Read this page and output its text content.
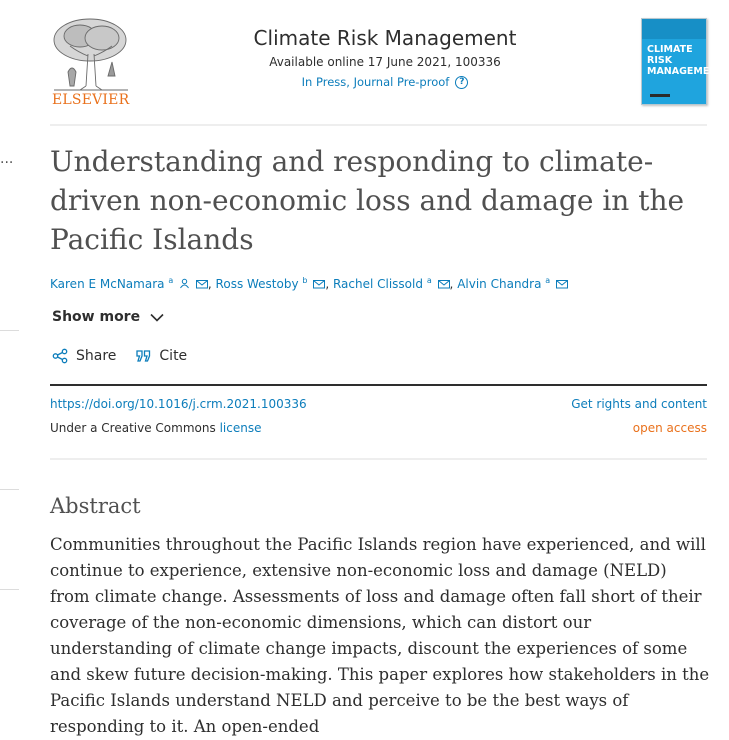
...
ELSEVIER
Climate Risk Management
Available online 17 June 2021, 100336
In Press, Journal Pre-proof	?
CLIMATE RISK MANAGEMENT
Understanding and responding to climate-driven non-economic loss and damage in the Pacific Islands
Karen E McNamara $^a$	, Ross Westoby $^b$ , Rachel Clissold $^a$ , Alvin Chandra $^a$
Show more
Share	Cite
https://doi.org/10.1016/j.crm.2021.100336
Under a Creative Commons license
Get rights and content
open access
Abstract

Communities throughout the Pacific Islands region have experienced, and will continue to experience, extensive non-economic loss and damage (NELD) from climate change. Assessments of loss and damage often fall short of their coverage of the non-economic dimensions, which can distort our understanding of climate change impacts, discount the experiences of some and skew future decision-making. This paper explores how stakeholders in the Pacific Islands understand NELD and perceive to be the best ways of responding to it. An open-ended
